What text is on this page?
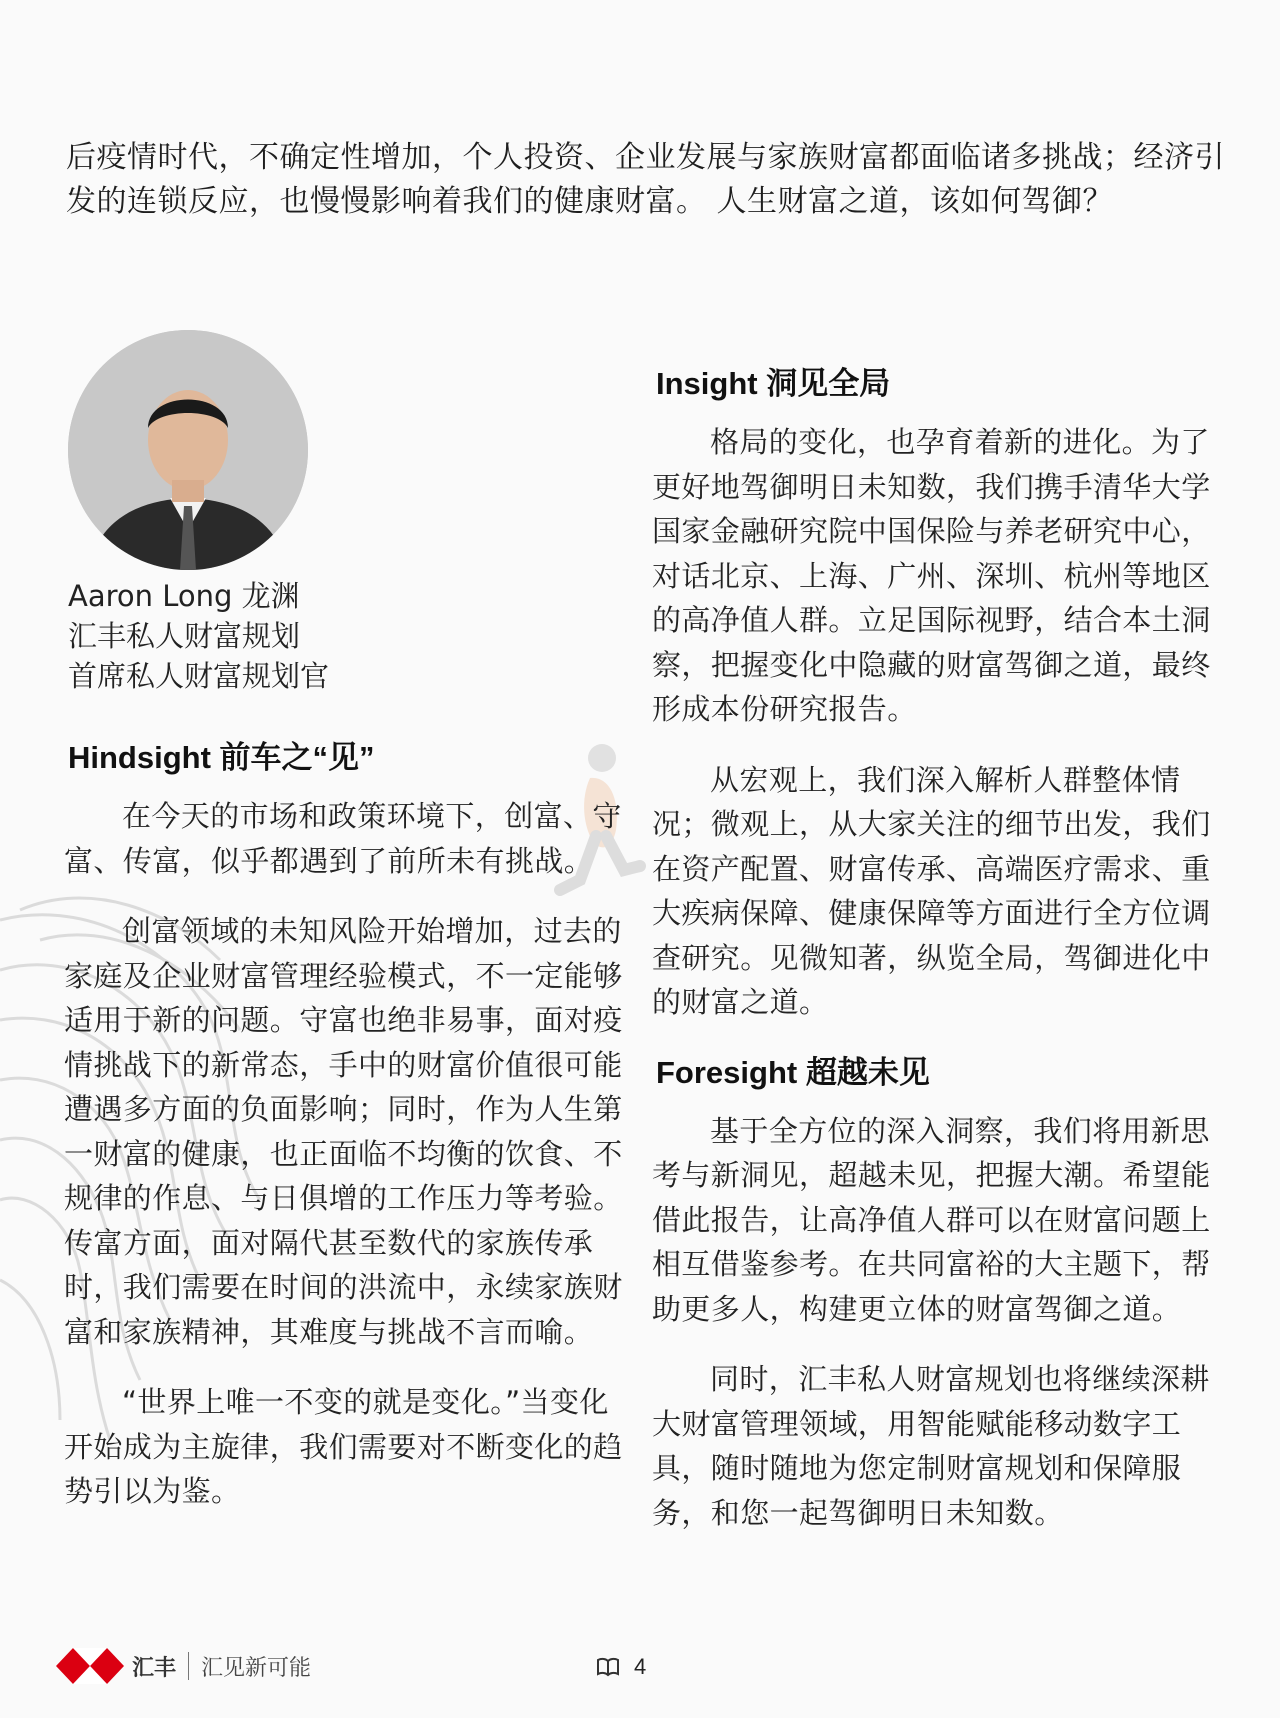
后疫情时代，不确定性增加，个人投资、企业发展与家族财富都面临诸多挑战；经济引发的连锁反应，也慢慢影响着我们的健康财富。 人生财富之道，该如何驾御？
Aaron Long 龙渊
汇丰私人财富规划
首席私人财富规划官
Hindsight 前车之“见”

在今天的市场和政策环境下，创富、守富、传富，似乎都遇到了前所未有挑战。

创富领域的未知风险开始增加，过去的家庭及企业财富管理经验模式，不一定能够适用于新的问题。守富也绝非易事，面对疫情挑战下的新常态，手中的财富价值很可能遭遇多方面的负面影响；同时，作为人生第一财富的健康，也正面临不均衡的饮食、不规律的作息、与日俱增的工作压力等考验。传富方面，面对隔代甚至数代的家族传承时，我们需要在时间的洪流中，永续家族财富和家族精神，其难度与挑战不言而喻。

“世界上唯一不变的就是变化。”当变化开始成为主旋律，我们需要对不断变化的趋势引以为鉴。

Insight 洞见全局

格局的变化，也孕育着新的进化。为了更好地驾御明日未知数，我们携手清华大学国家金融研究院中国保险与养老研究中心，对话北京、上海、广州、深圳、杭州等地区的高净值人群。立足国际视野，结合本土洞察，把握变化中隐藏的财富驾御之道，最终形成本份研究报告。

从宏观上，我们深入解析人群整体情况；微观上，从大家关注的细节出发，我们在资产配置、财富传承、高端医疗需求、重大疾病保障、健康保障等方面进行全方位调查研究。见微知著，纵览全局，驾御进化中的财富之道。

Foresight 超越未见

基于全方位的深入洞察，我们将用新思考与新洞见，超越未见，把握大潮。希望能借此报告，让高净值人群可以在财富问题上相互借鉴参考。在共同富裕的大主题下，帮助更多人，构建更立体的财富驾御之道。

同时，汇丰私人财富规划也将继续深耕大财富管理领域，用智能赋能移动数字工具，随时随地为您定制财富规划和保障服务，和您一起驾御明日未知数。

汇丰 汇见新可能	4
